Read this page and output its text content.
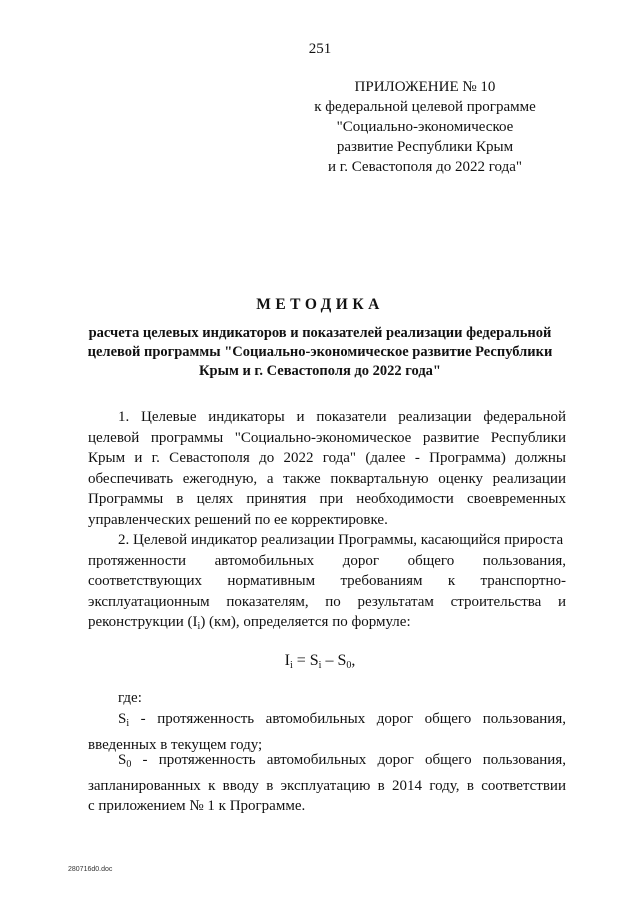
251
ПРИЛОЖЕНИЕ № 10
к федеральной целевой программе
"Социально-экономическое
развитие Республики Крым
и г. Севастополя до 2022 года"
МЕТОДИКА
расчета целевых индикаторов и показателей реализации федеральной
целевой программы "Социально-экономическое развитие Республики
Крым и г. Севастополя до 2022 года"
1. Целевые индикаторы и показатели реализации федеральной
целевой программы "Социально-экономическое развитие Республики
Крым и г. Севастополя до 2022 года" (далее - Программа) должны
обеспечивать ежегодную, а также поквартальную оценку реализации
Программы в целях принятия при необходимости своевременных
управленческих решений по ее корректировке.
2. Целевой индикатор реализации Программы, касающийся прироста
протяженности автомобильных дорог общего пользования,
соответствующих нормативным требованиям к транспортно-
эксплуатационным показателям, по результатам строительства и
реконструкции $(I_i)$ (км), определяется по формуле:
$I_i = S_i - S_0$,
где:
$S_i$ - протяженность автомобильных дорог общего пользования,
введенных в текущем году;
$S_0$ - протяженность автомобильных дорог общего пользования,
запланированных к вводу в эксплуатацию в 2014 году, в соответствии
с приложением № 1 к Программе.
280716d0.doc
